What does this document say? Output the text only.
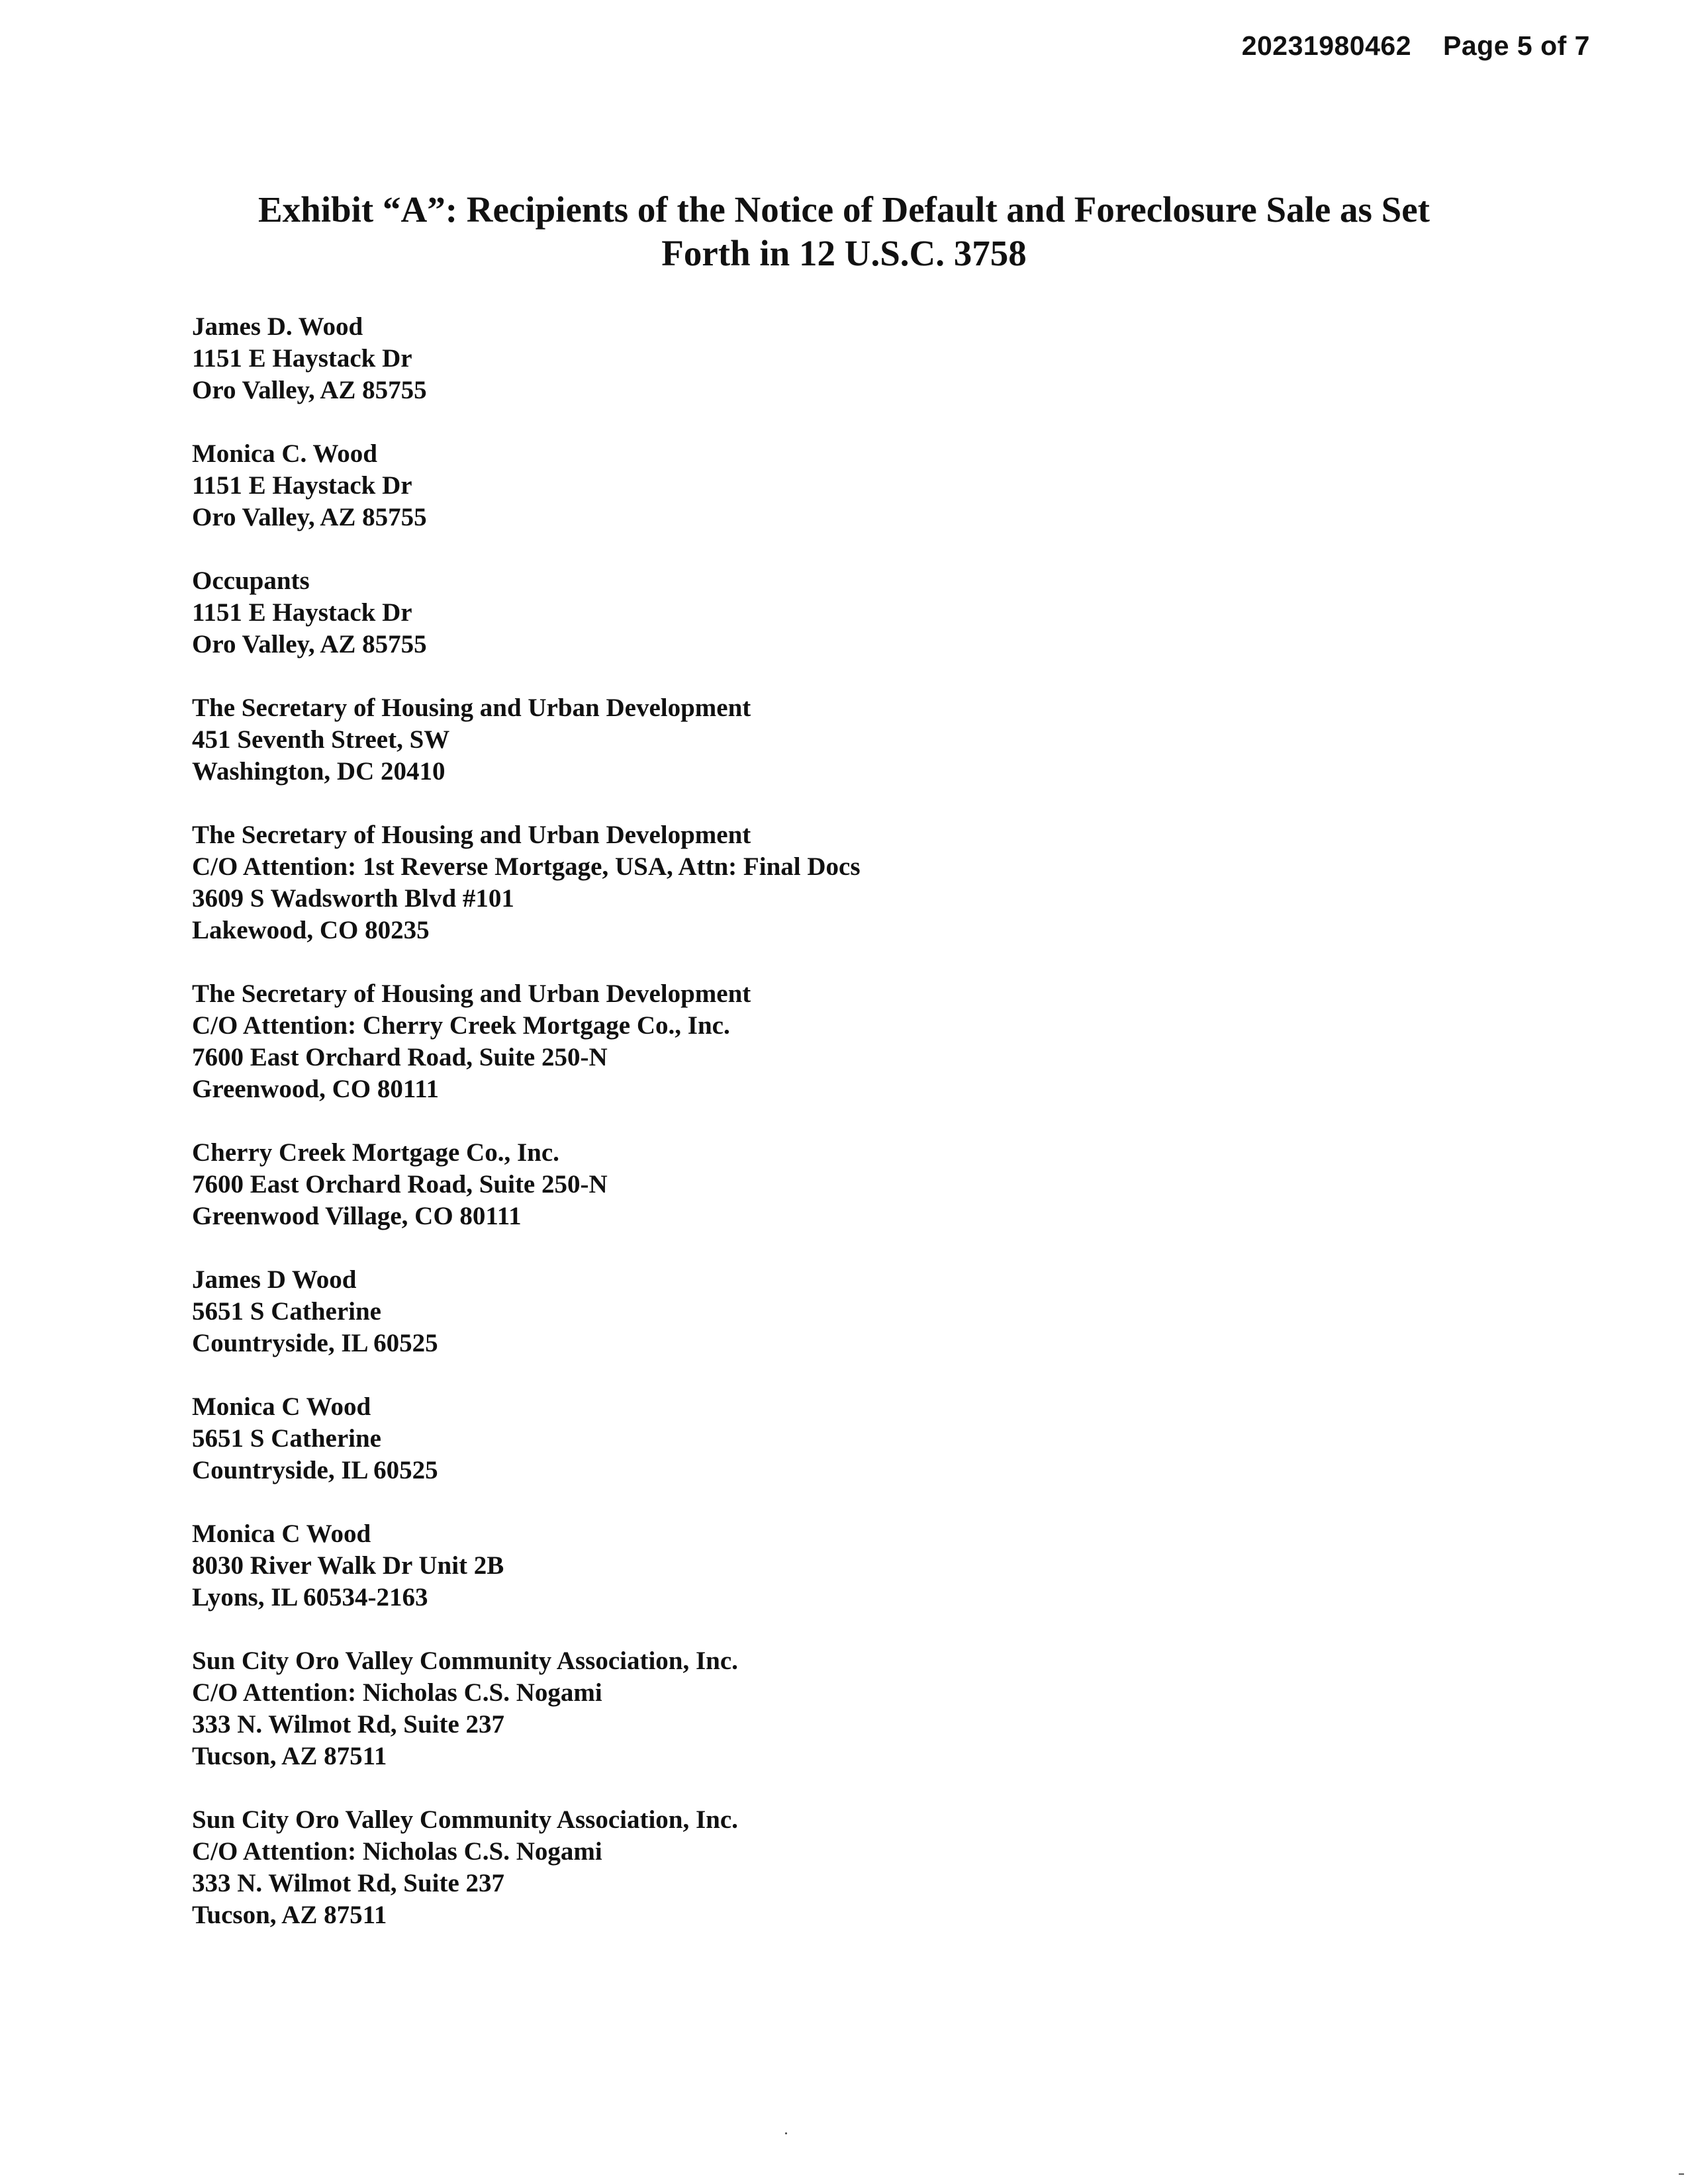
20231980462 Page 5 of 7
Exhibit “A”: Recipients of the Notice of Default and Foreclosure Sale as Set
Forth in 12 U.S.C. 3758
James D. Wood
1151 E Haystack Dr
Oro Valley, AZ 85755
Monica C. Wood
1151 E Haystack Dr
Oro Valley, AZ 85755
Occupants
1151 E Haystack Dr
Oro Valley, AZ 85755
The Secretary of Housing and Urban Development
451 Seventh Street, SW
Washington, DC 20410
The Secretary of Housing and Urban Development
C/O Attention: 1st Reverse Mortgage, USA, Attn: Final Docs
3609 S Wadsworth Blvd #101
Lakewood, CO 80235
The Secretary of Housing and Urban Development
C/O Attention: Cherry Creek Mortgage Co., Inc.
7600 East Orchard Road, Suite 250-N
Greenwood, CO 80111
Cherry Creek Mortgage Co., Inc.
7600 East Orchard Road, Suite 250-N
Greenwood Village, CO 80111
James D Wood
5651 S Catherine
Countryside, IL 60525
Monica C Wood
5651 S Catherine
Countryside, IL 60525
Monica C Wood
8030 River Walk Dr Unit 2B
Lyons, IL 60534-2163
Sun City Oro Valley Community Association, Inc.
C/O Attention: Nicholas C.S. Nogami
333 N. Wilmot Rd, Suite 237
Tucson, AZ 87511
Sun City Oro Valley Community Association, Inc.
C/O Attention: Nicholas C.S. Nogami
333 N. Wilmot Rd, Suite 237
Tucson, AZ 87511
